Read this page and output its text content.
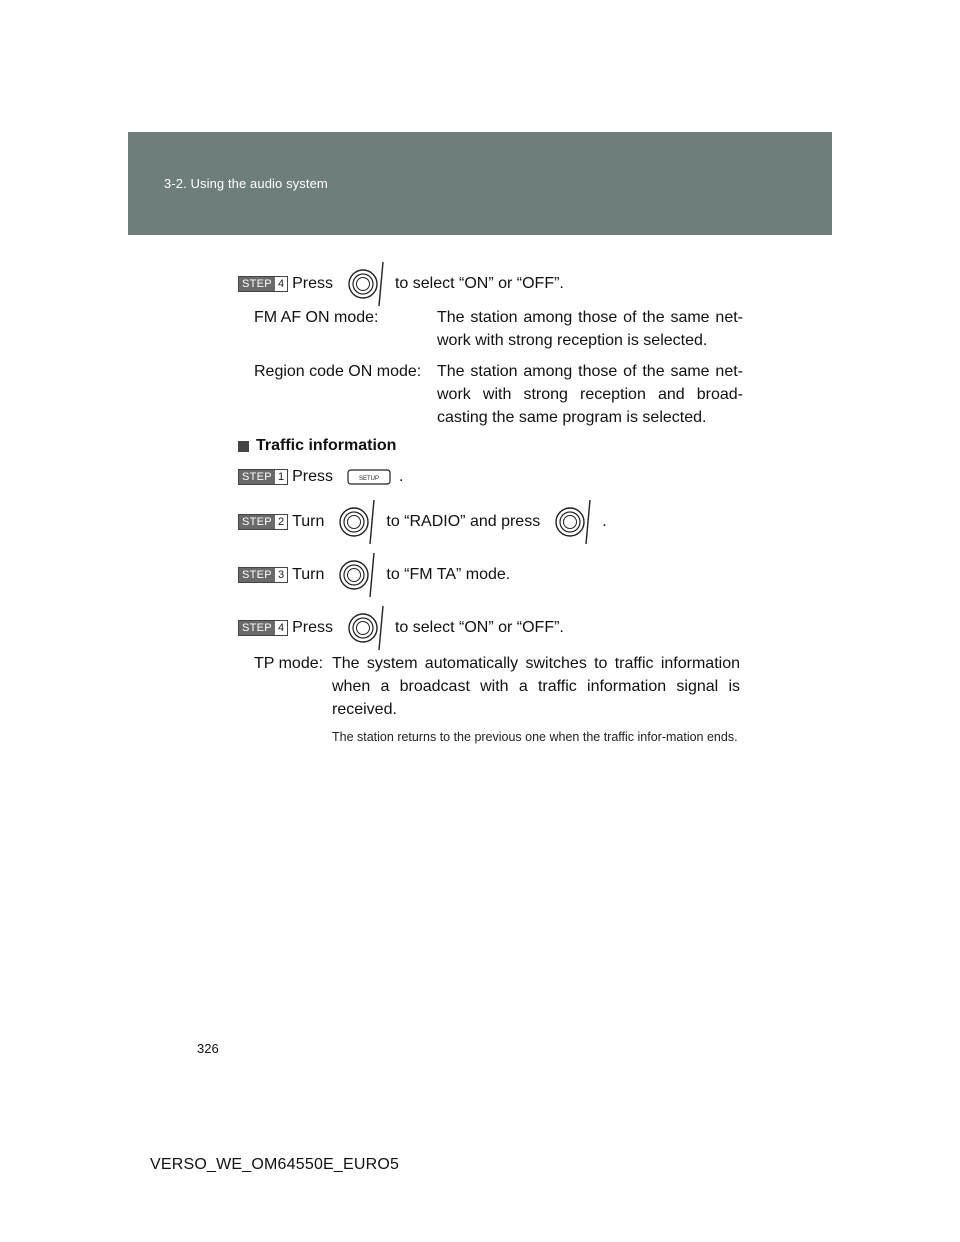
3-2. Using the audio system
STEP 4 Press	to select “ON” or “OFF”.
FM AF ON mode:	The station among those of the same net-work with strong reception is selected.
Region code ON mode: The station among those of the same net-work with strong reception and broad-casting the same program is selected.
Traffic information
STEP 1 Press	SETUP .
STEP 2 Turn	to “RADIO” and press	.
STEP 3 Turn	to “FM TA” mode.
STEP 4 Press	to select “ON” or “OFF”.
TP mode: The system automatically switches to traffic information when a broadcast with a traffic information signal is received.
The station returns to the previous one when the traffic infor-mation ends.
326
VERSO_WE_OM64550E_EURO5
